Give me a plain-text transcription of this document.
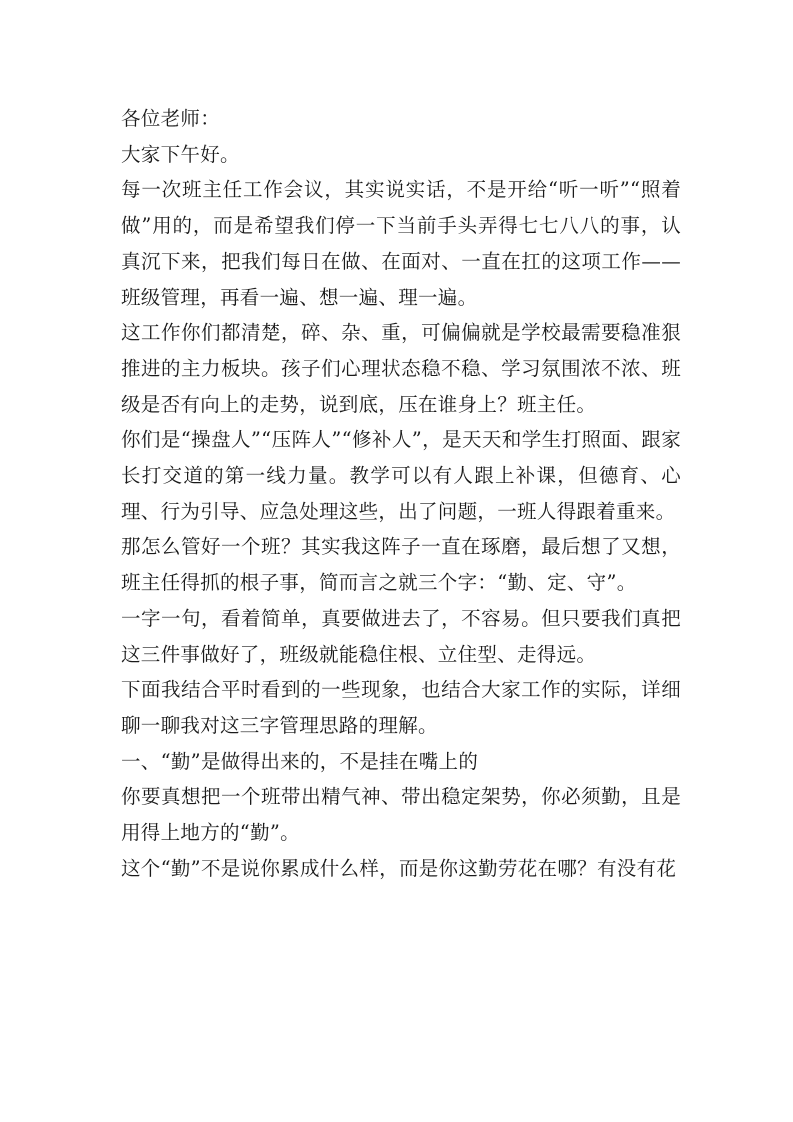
各位老师：

大家下午好。

每一次班主任工作会议，其实说实话，不是开给“听一听”“照着做”用的，而是希望我们停一下当前手头弄得七七八八的事，认真沉下来，把我们每日在做、在面对、一直在扛的这项工作——班级管理，再看一遍、想一遍、理一遍。

这工作你们都清楚，碎、杂、重，可偏偏就是学校最需要稳准狠推进的主力板块。孩子们心理状态稳不稳、学习氛围浓不浓、班级是否有向上的走势，说到底，压在谁身上？班主任。

你们是“操盘人”“压阵人”“修补人”，是天天和学生打照面、跟家长打交道的第一线力量。教学可以有人跟上补课，但德育、心理、行为引导、应急处理这些，出了问题，一班人得跟着重来。

那怎么管好一个班？其实我这阵子一直在琢磨，最后想了又想，班主任得抓的根子事，简而言之就三个字：“勤、定、守”。

一字一句，看着简单，真要做进去了，不容易。但只要我们真把这三件事做好了，班级就能稳住根、立住型、走得远。

下面我结合平时看到的一些现象，也结合大家工作的实际，详细聊一聊我对这三字管理思路的理解。

一、“勤”是做得出来的，不是挂在嘴上的

你要真想把一个班带出精气神、带出稳定架势，你必须勤，且是用得上地方的“勤”。

这个“勤”不是说你累成什么样，而是你这勤劳花在哪？有没有花
